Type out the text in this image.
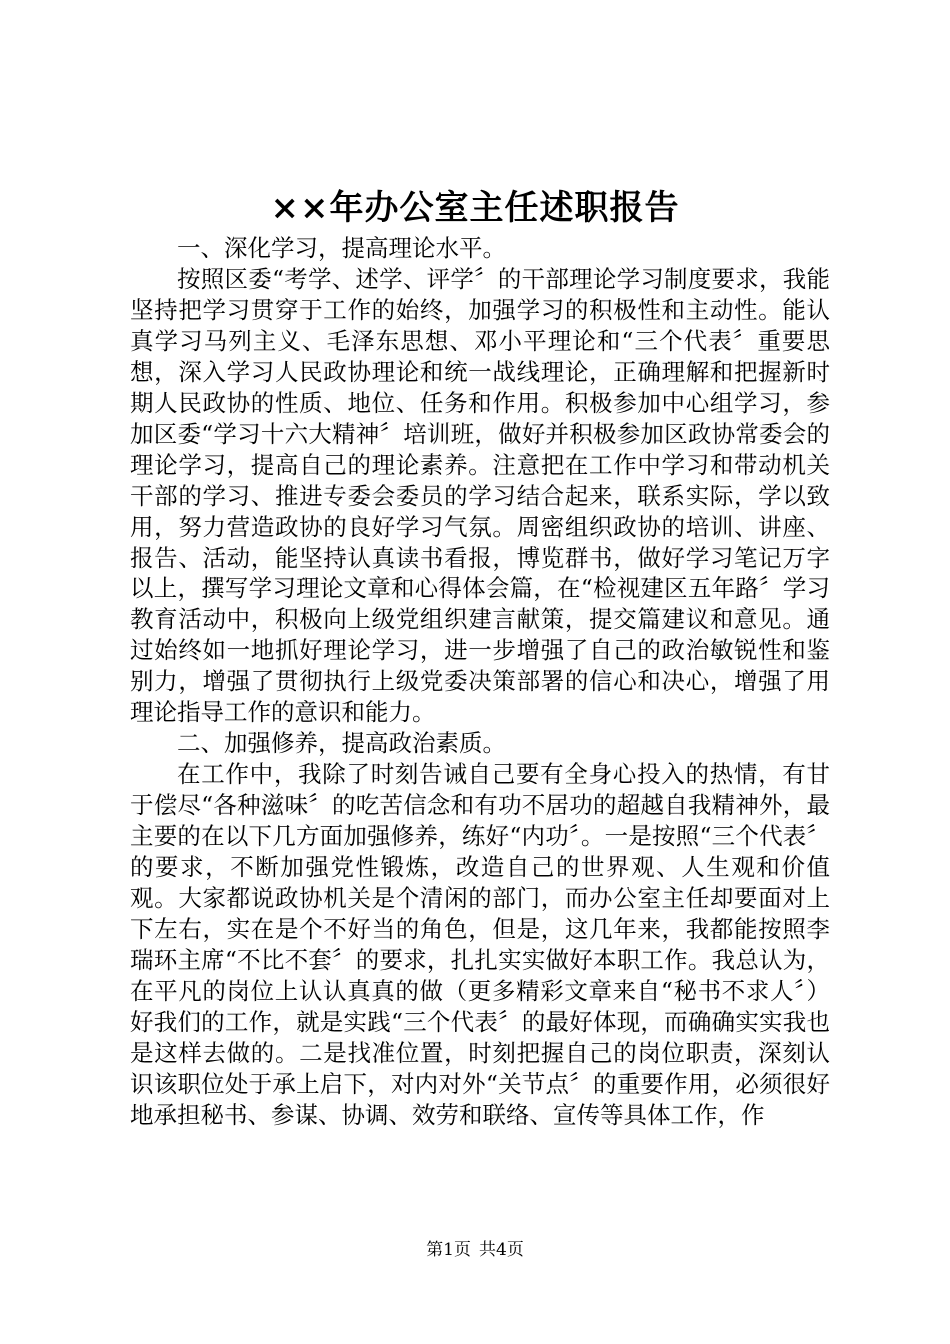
××年办公室主任述职报告

一、深化学习，提高理论水平。

按照区委“考学、述学、评学〞的干部理论学习制度要求，我能坚持把学习贯穿于工作的始终，加强学习的积极性和主动性。能认真学习马列主义、毛泽东思想、邓小平理论和“三个代表〞重要思想，深入学习人民政协理论和统一战线理论，正确理解和把握新时期人民政协的性质、地位、任务和作用。积极参加中心组学习，参加区委“学习十六大精神〞培训班，做好并积极参加区政协常委会的理论学习，提高自己的理论素养。注意把在工作中学习和带动机关干部的学习、推进专委会委员的学习结合起来，联系实际，学以致用，努力营造政协的良好学习气氛。周密组织政协的培训、讲座、报告、活动，能坚持认真读书看报，博览群书，做好学习笔记万字以上，撰写学习理论文章和心得体会篇，在“检视建区五年路〞学习教育活动中，积极向上级党组织建言献策，提交篇建议和意见。通过始终如一地抓好理论学习，进一步增强了自己的政治敏锐性和鉴别力，增强了贯彻执行上级党委决策部署的信心和决心，增强了用理论指导工作的意识和能力。

二、加强修养，提高政治素质。

在工作中，我除了时刻告诫自己要有全身心投入的热情，有甘于偿尽“各种滋味〞的吃苦信念和有功不居功的超越自我精神外，最主要的在以下几方面加强修养，练好“内功〞。一是按照“三个代表〞的要求，不断加强党性锻炼，改造自己的世界观、人生观和价值观。大家都说政协机关是个清闲的部门，而办公室主任却要面对上下左右，实在是个不好当的角色，但是，这几年来，我都能按照李瑞环主席“不比不套〞的要求，扎扎实实做好本职工作。我总认为，在平凡的岗位上认认真真的做（更多精彩文章来自“秘书不求人〞）好我们的工作，就是实践“三个代表〞的最好体现，而确确实实我也是这样去做的。二是找准位置，时刻把握自己的岗位职责，深刻认识该职位处于承上启下，对内对外“关节点〞的重要作用，必须很好地承担秘书、参谋、协调、效劳和联络、宣传等具体工作，作

第1页 共4页
